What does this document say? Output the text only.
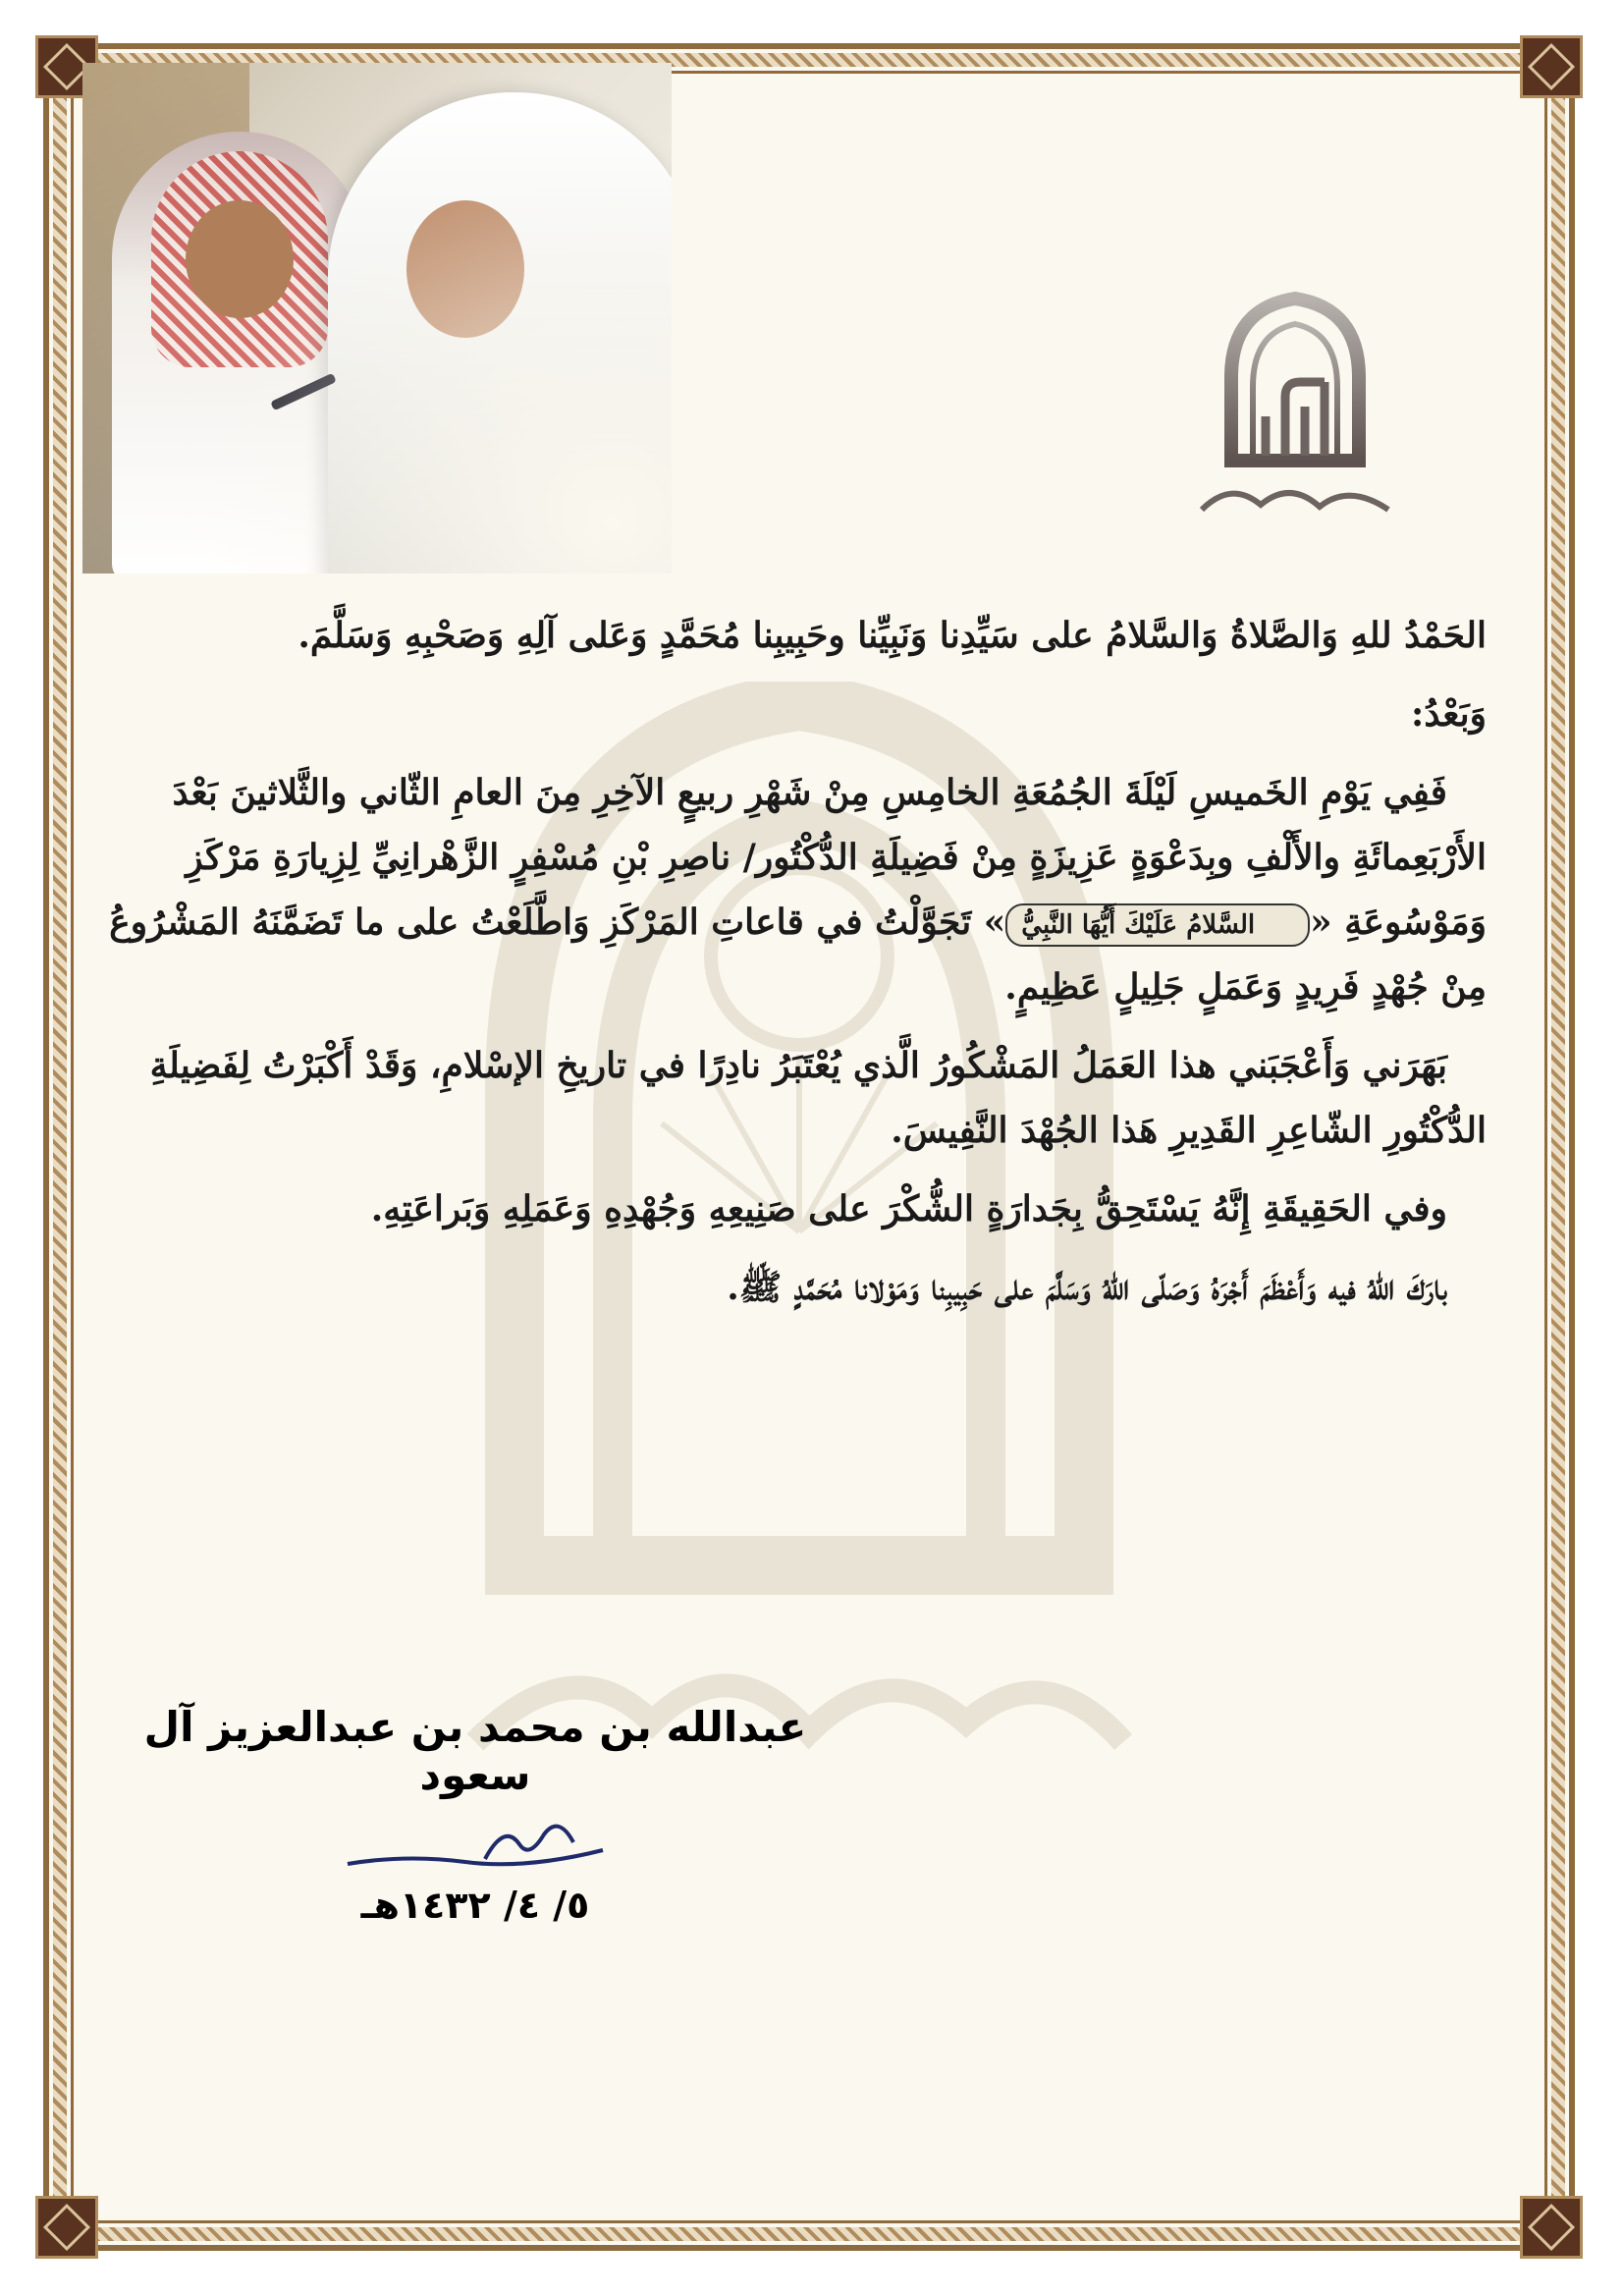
الحَمْدُ للهِ وَالصَّلاةُ وَالسَّلامُ على سَيِّدِنا وَنَبِيِّنا وحَبِيبِنا مُحَمَّدٍ وَعَلى آلِهِ وَصَحْبِهِ وَسَلَّمَ.

وَبَعْدُ:

فَفِي يَوْمِ الخَميسِ لَيْلَةَ الجُمُعَةِ الخامِسِ مِنْ شَهْرِ ربيعٍ الآخِرِ مِنَ العامِ الثّاني والثَّلاثينَ بَعْدَ الأَرْبَعِمائَةِ والأَلْفِ وبِدَعْوَةٍ عَزِيزَةٍ مِنْ فَضِيلَةِ الدُّكْتُور/ ناصِرِ بْنِ مُسْفِرٍ الزَّهْرانِيِّ لِزِيارَةِ مَرْكَزِ وَمَوْسُوعَةِ «السَّلامُ عَلَيْكَ أَيُّهَا النَّبِيُّ» تَجَوَّلْتُ في قاعاتِ المَرْكَزِ وَاطَّلَعْتُ على ما تَضَمَّنَهُ المَشْرُوعُ مِنْ جُهْدٍ فَرِيدٍ وَعَمَلٍ جَلِيلٍ عَظِيمٍ.

بَهَرَني وَأَعْجَبَني هذا العَمَلُ المَشْكُورُ الَّذي يُعْتَبَرُ نادِرًا في تاريخِ الإسْلامِ، وَقَدْ أَكْبَرْتُ لِفَضِيلَةِ الدُّكْتُورِ الشّاعِرِ القَدِيرِ هَذا الجُهْدَ النَّفِيسَ.

وفي الحَقِيقَةِ إِنَّهُ يَسْتَحِقُّ بِجَدارَةٍ الشُّكْرَ على صَنِيعِهِ وَجُهْدِهِ وَعَمَلِهِ وَبَراعَتِهِ.

بارَكَ اللهُ فيه وَأَعْظَمَ أَجْرَهُ وَصَلّى اللهُ وَسَلَّمَ على حَبِيبِنا وَمَوْلانا مُحَمَّدٍ ﷺ.

عبدالله بن محمد بن عبدالعزيز آل سعود

٥/ ٤/ ١٤٣٢هـ
